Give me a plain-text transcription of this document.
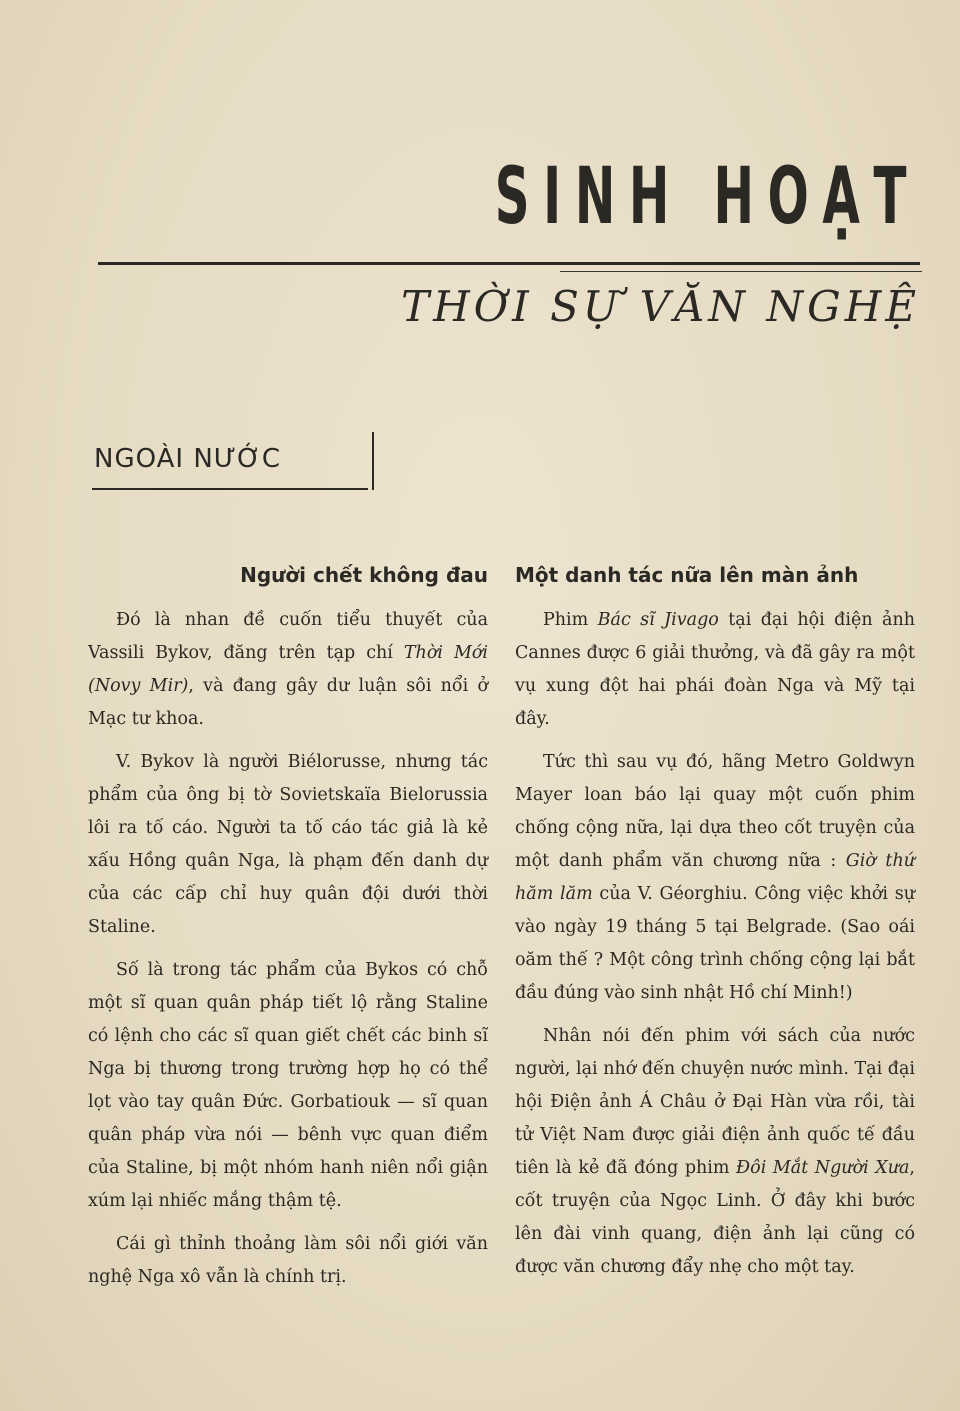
SINH HOẠT
THỜI SỰ VĂN NGHỆ
NGOÀI NƯỚC
Người chết không đau

Đó là nhan đề cuốn tiểu thuyết của Vassili Bykov, đăng trên tạp chí Thời Mới (Novy Mir), và đang gây dư luận sôi nổi ở Mạc tư khoa.

V. Bykov là người Biélorusse, nhưng tác phẩm của ông bị tờ Sovietskaïa Bielorussia lôi ra tố cáo. Người ta tố cáo tác giả là kẻ xấu Hồng quân Nga, là phạm đến danh dự của các cấp chỉ huy quân đội dưới thời Staline.

Số là trong tác phẩm của Bykos có chỗ một sĩ quan quân pháp tiết lộ rằng Staline có lệnh cho các sĩ quan giết chết các binh sĩ Nga bị thương trong trường hợp họ có thể lọt vào tay quân Đức. Gorbatiouk — sĩ quan quân pháp vừa nói — bênh vực quan điểm của Staline, bị một nhóm hanh niên nổi giận xúm lại nhiếc mắng thậm tệ.

Cái gì thỉnh thoảng làm sôi nổi giới văn nghệ Nga xô vẫn là chính trị.

Một danh tác nữa lên màn ảnh

Phim Bác sĩ Jivago tại đại hội điện ảnh Cannes được 6 giải thưởng, và đã gây ra một vụ xung đột hai phái đoàn Nga và Mỹ tại đây.

Tức thì sau vụ đó, hãng Metro Goldwyn Mayer loan báo lại quay một cuốn phim chống cộng nữa, lại dựa theo cốt truyện của một danh phẩm văn chương nữa : Giờ thứ hăm lăm của V. Géorghiu. Công việc khởi sự vào ngày 19 tháng 5 tại Belgrade. (Sao oái oăm thế ? Một công trình chống cộng lại bắt đầu đúng vào sinh nhật Hồ chí Minh!)

Nhân nói đến phim với sách của nước người, lại nhớ đến chuyện nước mình. Tại đại hội Điện ảnh Á Châu ở Đại Hàn vừa rồi, tài tử Việt Nam được giải điện ảnh quốc tế đầu tiên là kẻ đã đóng phim Đôi Mắt Người Xưa, cốt truyện của Ngọc Linh. Ở đây khi bước lên đài vinh quang, điện ảnh lại cũng có được văn chương đẩy nhẹ cho một tay.
